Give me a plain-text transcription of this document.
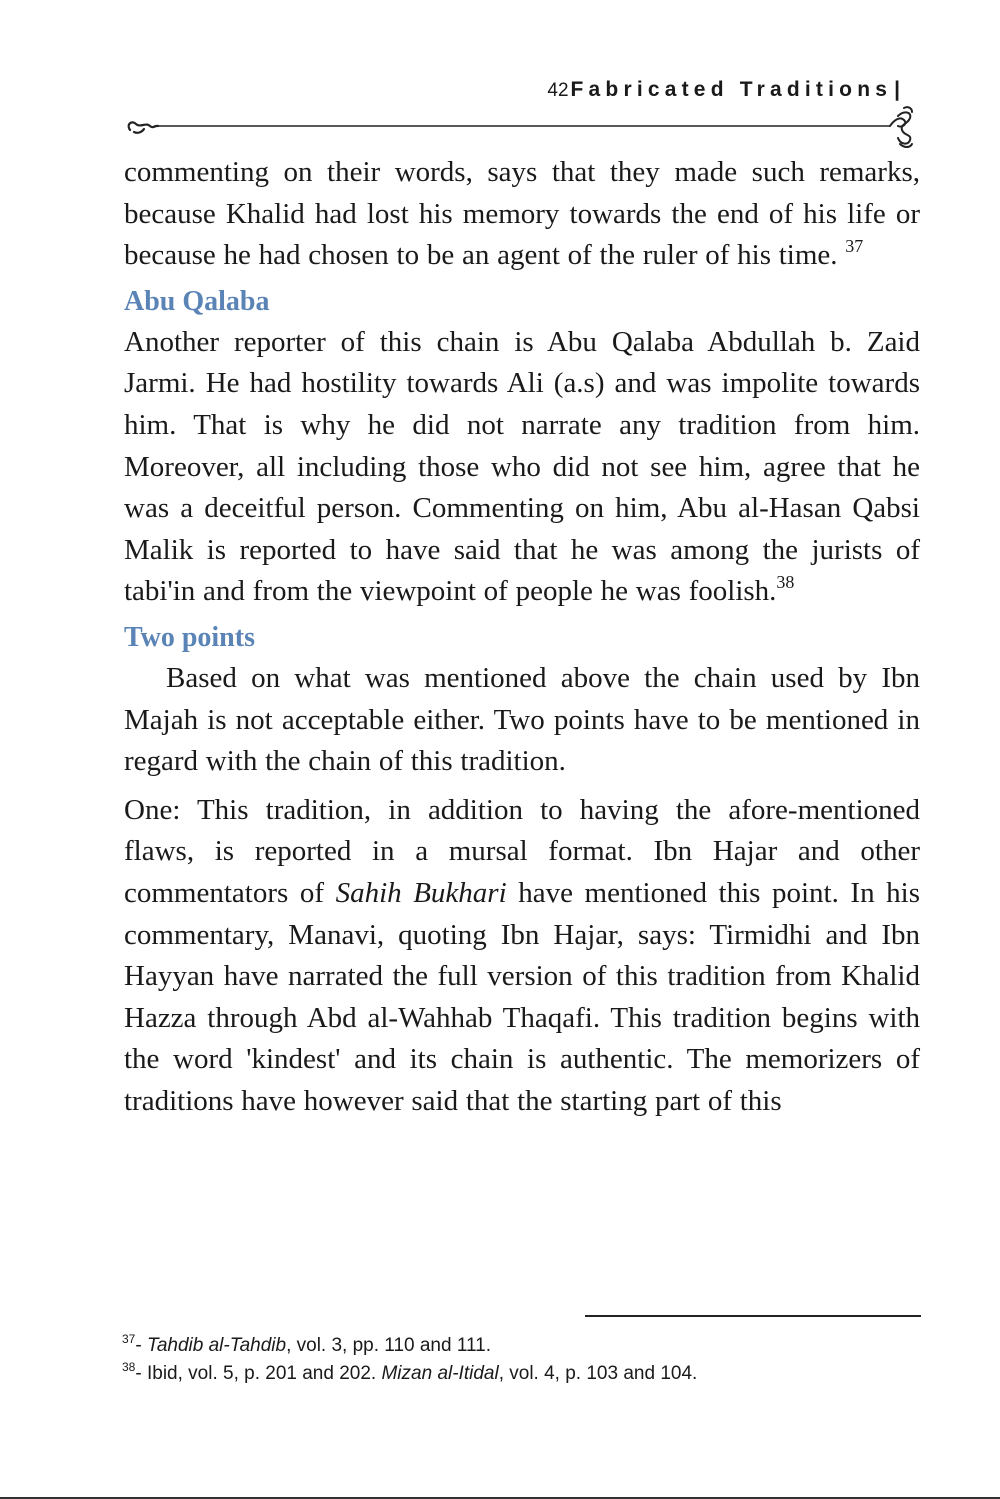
42Fabricated Traditions|

commenting on their words, says that they made such remarks, because Khalid had lost his memory towards the end of his life or because he had chosen to be an agent of the ruler of his time. $^{37}$

Abu Qalaba

Another reporter of this chain is Abu Qalaba Abdullah b. Zaid Jarmi. He had hostility towards Ali (a.s) and was impolite towards him. That is why he did not narrate any tradition from him. Moreover, all including those who did not see him, agree that he was a deceitful person. Commenting on him, Abu al-Hasan Qabsi Malik is reported to have said that he was among the jurists of tabi'in and from the viewpoint of people he was foolish.$^{38}$

Two points

Based on what was mentioned above the chain used by Ibn Majah is not acceptable either. Two points have to be mentioned in regard with the chain of this tradition.

One: This tradition, in addition to having the afore-mentioned flaws, is reported in a mursal format. Ibn Hajar and other commentators of Sahih Bukhari have mentioned this point. In his commentary, Manavi, quoting Ibn Hajar, says: Tirmidhi and Ibn Hayyan have narrated the full version of this tradition from Khalid Hazza through Abd al-Wahhab Thaqafi. This tradition begins with the word 'kindest' and its chain is authentic. The memorizers of traditions have however said that the starting part of this

$^{37}$- Tahdib al-Tahdib, vol. 3, pp. 110 and 111.

$^{38}$- Ibid, vol. 5, p. 201 and 202. Mizan al-Itidal, vol. 4, p. 103 and 104.
